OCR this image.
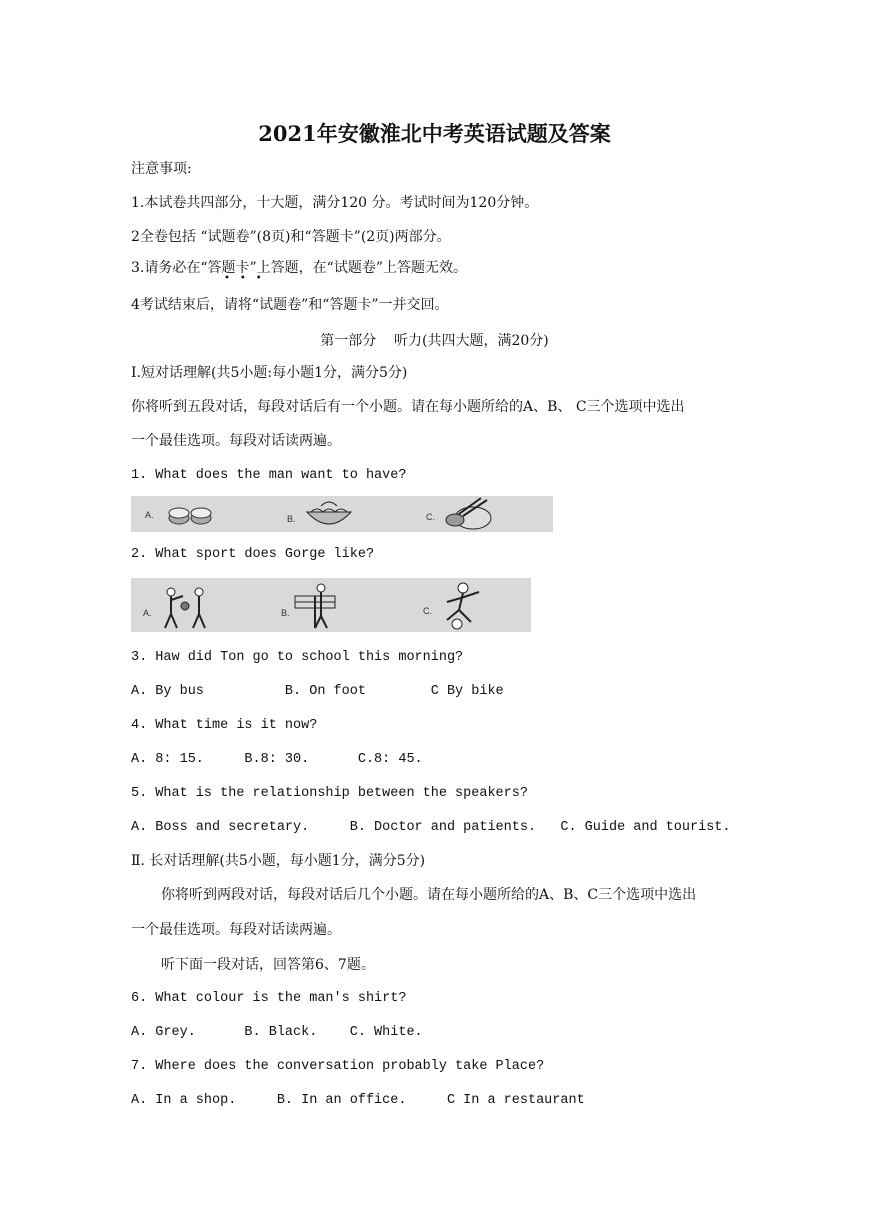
2021年安徽淮北中考英语试题及答案
注意事项:
1.本试卷共四部分，十大题，满分120 分。考试时间为120分钟。
2全卷包括 “试题卷”(8页)和“答题卡”(2页)两部分。
3.请务必在“答题卡”上答题，在“试题卷”上答题无效。
•••
4考试结束后，请将“试题卷”和“答题卡”一并交回。
第一部分    听力(共四大题，满20分)
Ⅰ.短对话理解(共5小题:每小题1分，满分5分)
你将听到五段对话，每段对话后有一个小题。请在每小题所给的A、B、 C三个选项中选出
一个最佳选项。每段对话读两遍。
1. What does the man want to have?
A.	B.	C.
2. What sport does Gorge like?
A.	B.	C.
3. Haw did Ton go to school this morning?
A. By bus          B. On foot        C By bike
4. What time is it now?
A. 8: 15.     B.8: 30.      C.8: 45.
5. What is the relationship between the speakers?
A. Boss and secretary.     B. Doctor and patients.   C. Guide and tourist.
Ⅱ. 长对话理解(共5小题，每小题1分，满分5分)
你将听到两段对话，每段对话后几个小题。请在每小题所给的A、B、C三个选项中选出
一个最佳选项。每段对话读两遍。
听下面一段对话，回答第6、7题。
6. What colour is the man's shirt?
A. Grey.      B. Black.    C. White.
7. Where does the conversation probably take Place?
A. In a shop.     B. In an office.     C In a restaurant
